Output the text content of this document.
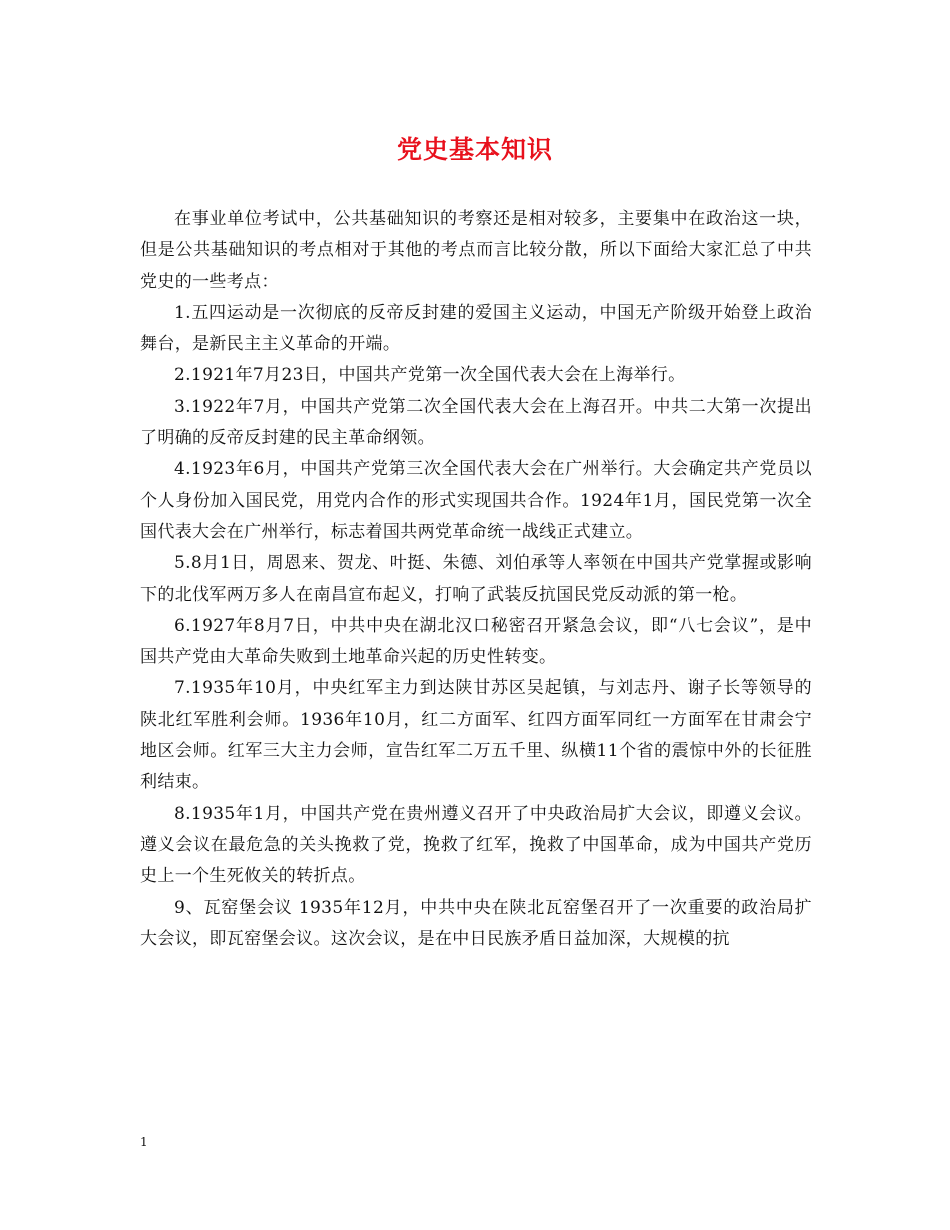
党史基本知识

在事业单位考试中，公共基础知识的考察还是相对较多，主要集中在政治这一块，但是公共基础知识的考点相对于其他的考点而言比较分散，所以下面给大家汇总了中共党史的一些考点：

1.五四运动是一次彻底的反帝反封建的爱国主义运动，中国无产阶级开始登上政治舞台，是新民主主义革命的开端。

2.1921年7月23日，中国共产党第一次全国代表大会在上海举行。

3.1922年7月，中国共产党第二次全国代表大会在上海召开。中共二大第一次提出了明确的反帝反封建的民主革命纲领。

4.1923年6月，中国共产党第三次全国代表大会在广州举行。大会确定共产党员以个人身份加入国民党，用党内合作的形式实现国共合作。1924年1月，国民党第一次全国代表大会在广州举行，标志着国共两党革命统一战线正式建立。

5.8月1日，周恩来、贺龙、叶挺、朱德、刘伯承等人率领在中国共产党掌握或影响下的北伐军两万多人在南昌宣布起义，打响了武装反抗国民党反动派的第一枪。

6.1927年8月7日，中共中央在湖北汉口秘密召开紧急会议，即“八七会议”，是中国共产党由大革命失败到土地革命兴起的历史性转变。

7.1935年10月，中央红军主力到达陕甘苏区吴起镇，与刘志丹、谢子长等领导的陕北红军胜利会师。1936年10月，红二方面军、红四方面军同红一方面军在甘肃会宁地区会师。红军三大主力会师，宣告红军二万五千里、纵横11个省的震惊中外的长征胜利结束。

8.1935年1月，中国共产党在贵州遵义召开了中央政治局扩大会议，即遵义会议。遵义会议在最危急的关头挽救了党，挽救了红军，挽救了中国革命，成为中国共产党历史上一个生死攸关的转折点。

9、瓦窑堡会议 1935年12月，中共中央在陕北瓦窑堡召开了一次重要的政治局扩大会议，即瓦窑堡会议。这次会议，是在中日民族矛盾日益加深，大规模的抗

1
